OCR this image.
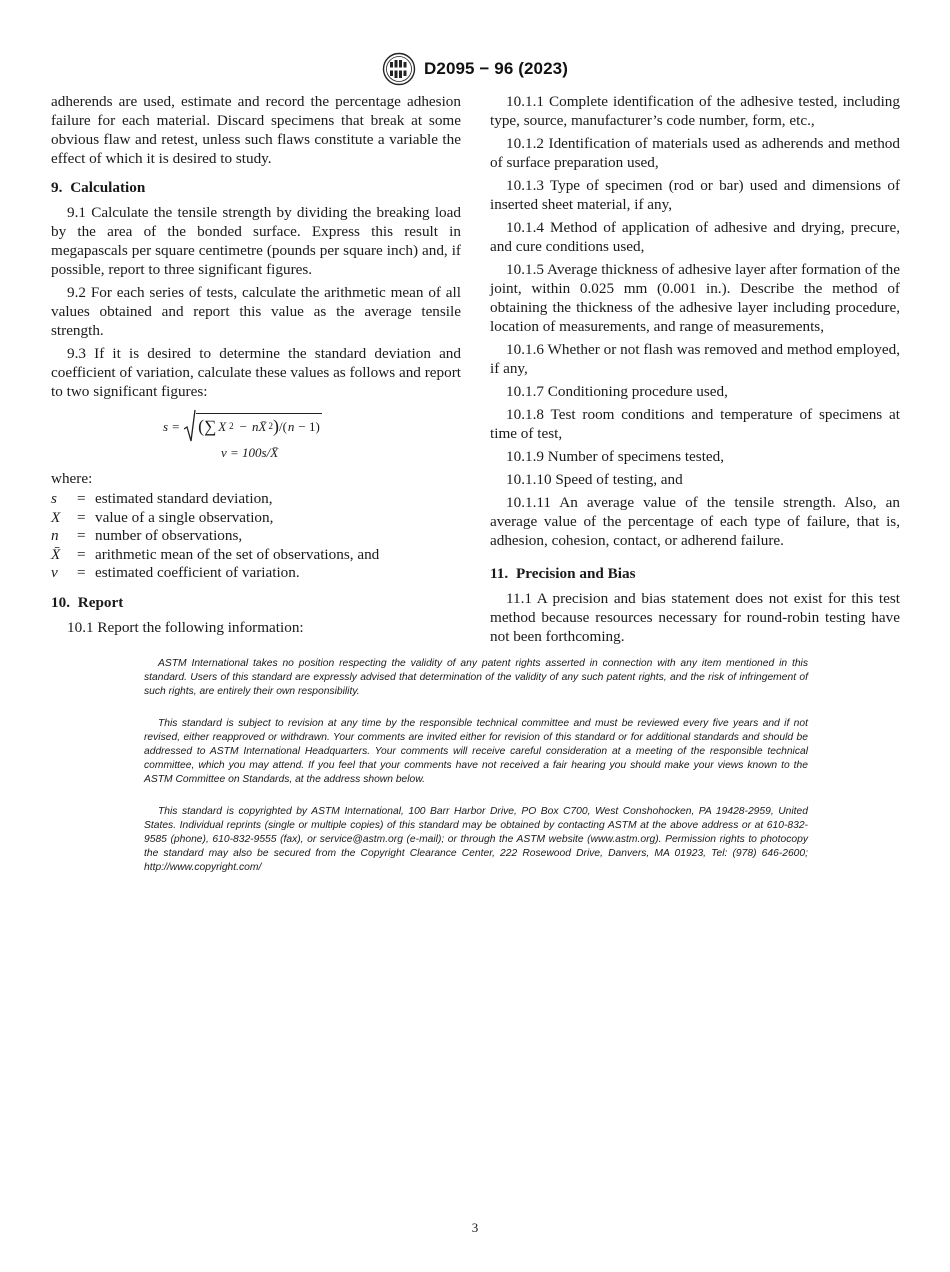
D2095 − 96 (2023)

adherends are used, estimate and record the percentage adhesion failure for each material. Discard specimens that break at some obvious flaw and retest, unless such flaws constitute a variable the effect of which it is desired to study.

9. Calculation

9.1 Calculate the tensile strength by dividing the breaking load by the area of the bonded surface. Express this result in megapascals per square centimetre (pounds per square inch) and, if possible, report to three significant figures.

9.2 For each series of tests, calculate the arithmetic mean of all values obtained and report this value as the average tensile strength.

9.3 If it is desired to determine the standard deviation and coefficient of variation, calculate these values as follows and report to two significant figures:

s = ( ∑ X 2 − n X̄ 2 ) /( n − 1)
v = 100s/X̄

where:

s	= estimated standard deviation,
X	= value of a single observation,
n	= number of observations,
X̄	= arithmetic mean of the set of observations, and
v	= estimated coefficient of variation.
10. Report

10.1 Report the following information:

10.1.1 Complete identification of the adhesive tested, including type, source, manufacturer’s code number, form, etc.,

10.1.2 Identification of materials used as adherends and method of surface preparation used,

10.1.3 Type of specimen (rod or bar) used and dimensions of inserted sheet material, if any,

10.1.4 Method of application of adhesive and drying, precure, and cure conditions used,

10.1.5 Average thickness of adhesive layer after formation of the joint, within 0.025 mm (0.001 in.). Describe the method of obtaining the thickness of the adhesive layer including procedure, location of measurements, and range of measurements,

10.1.6 Whether or not flash was removed and method employed, if any,

10.1.7 Conditioning procedure used,

10.1.8 Test room conditions and temperature of specimens at time of test,

10.1.9 Number of specimens tested,

10.1.10 Speed of testing, and

10.1.11 An average value of the tensile strength. Also, an average value of the percentage of each type of failure, that is, adhesion, cohesion, contact, or adherend failure.

11. Precision and Bias

11.1 A precision and bias statement does not exist for this test method because resources necessary for round-robin testing have not been forthcoming.

ASTM International takes no position respecting the validity of any patent rights asserted in connection with any item mentioned in this standard. Users of this standard are expressly advised that determination of the validity of any such patent rights, and the risk of infringement of such rights, are entirely their own responsibility.

This standard is subject to revision at any time by the responsible technical committee and must be reviewed every five years and if not revised, either reapproved or withdrawn. Your comments are invited either for revision of this standard or for additional standards and should be addressed to ASTM International Headquarters. Your comments will receive careful consideration at a meeting of the responsible technical committee, which you may attend. If you feel that your comments have not received a fair hearing you should make your views known to the ASTM Committee on Standards, at the address shown below.

This standard is copyrighted by ASTM International, 100 Barr Harbor Drive, PO Box C700, West Conshohocken, PA 19428-2959, United States. Individual reprints (single or multiple copies) of this standard may be obtained by contacting ASTM at the above address or at 610-832-9585 (phone), 610-832-9555 (fax), or service@astm.org (e-mail); or through the ASTM website (www.astm.org). Permission rights to photocopy the standard may also be secured from the Copyright Clearance Center, 222 Rosewood Drive, Danvers, MA 01923, Tel: (978) 646-2600; http://www.copyright.com/

3
